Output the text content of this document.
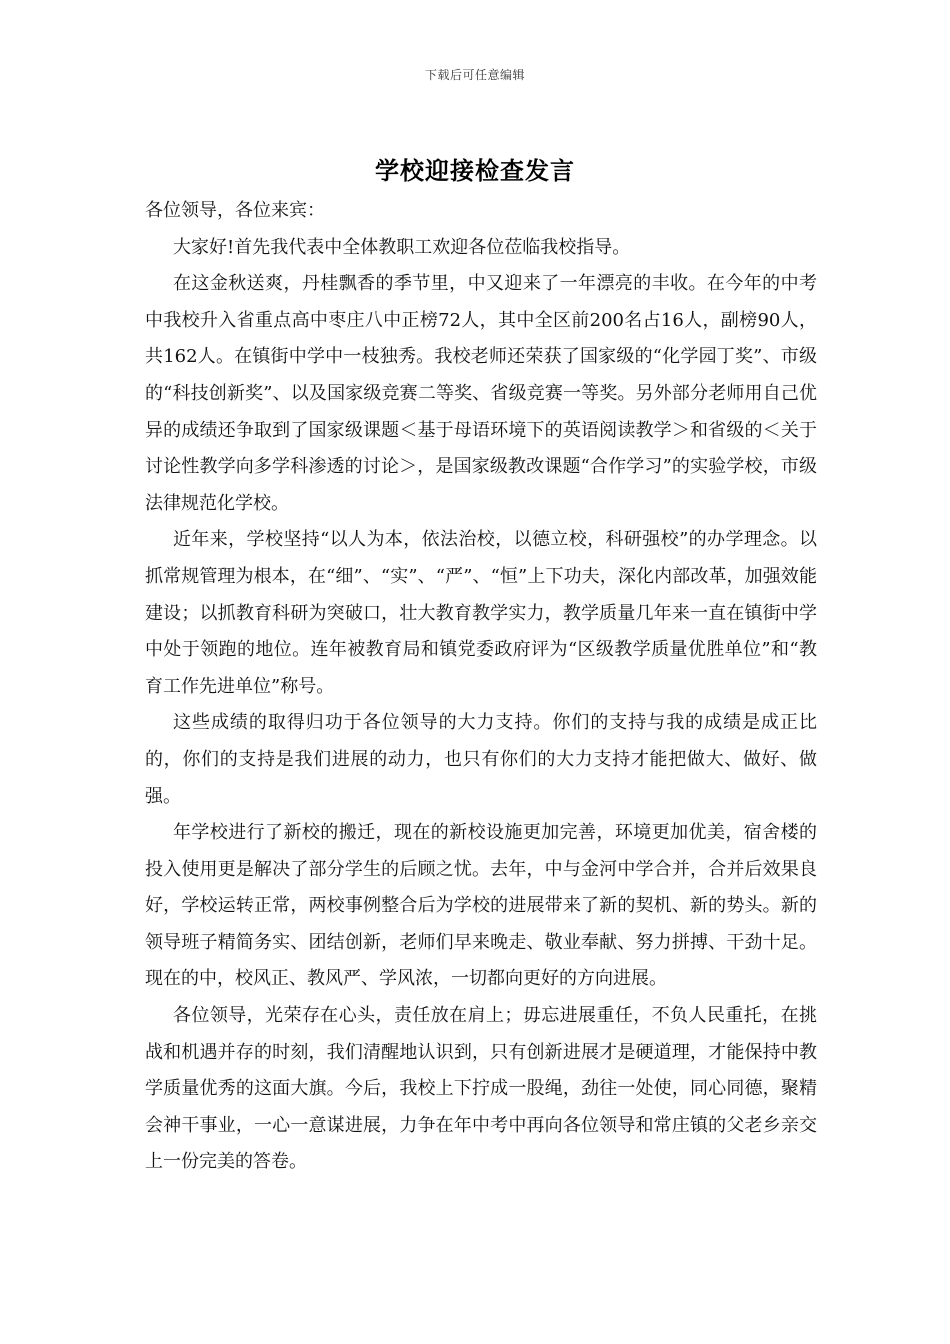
下载后可任意编辑
学校迎接检查发言

各位领导，各位来宾：

大家好!首先我代表中全体教职工欢迎各位莅临我校指导。

在这金秋送爽，丹桂飘香的季节里，中又迎来了一年漂亮的丰收。在今年的中考中我校升入省重点高中枣庄八中正榜72人，其中全区前200名占16人，副榜90人，共162人。在镇街中学中一枝独秀。我校老师还荣获了国家级的“化学园丁奖”、市级的“科技创新奖”、以及国家级竞赛二等奖、省级竞赛一等奖。另外部分老师用自己优异的成绩还争取到了国家级课题＜基于母语环境下的英语阅读教学＞和省级的＜关于讨论性教学向多学科渗透的讨论＞，是国家级教改课题“合作学习”的实验学校，市级法律规范化学校。

近年来，学校坚持“以人为本，依法治校，以德立校，科研强校”的办学理念。以抓常规管理为根本，在“细”、“实”、“严”、“恒”上下功夫，深化内部改革，加强效能建设；以抓教育科研为突破口，壮大教育教学实力，教学质量几年来一直在镇街中学中处于领跑的地位。连年被教育局和镇党委政府评为“区级教学质量优胜单位”和“教育工作先进单位”称号。

这些成绩的取得归功于各位领导的大力支持。你们的支持与我的成绩是成正比的，你们的支持是我们进展的动力，也只有你们的大力支持才能把做大、做好、做强。

年学校进行了新校的搬迁，现在的新校设施更加完善，环境更加优美，宿舍楼的投入使用更是解决了部分学生的后顾之忧。去年，中与金河中学合并，合并后效果良好，学校运转正常，两校事例整合后为学校的进展带来了新的契机、新的势头。新的领导班子精简务实、团结创新，老师们早来晚走、敬业奉献、努力拼搏、干劲十足。现在的中，校风正、教风严、学风浓，一切都向更好的方向进展。

各位领导，光荣存在心头，责任放在肩上；毋忘进展重任，不负人民重托，在挑战和机遇并存的时刻，我们清醒地认识到，只有创新进展才是硬道理，才能保持中教学质量优秀的这面大旗。今后，我校上下拧成一股绳，劲往一处使，同心同德，聚精会神干事业，一心一意谋进展，力争在年中考中再向各位领导和常庄镇的父老乡亲交上一份完美的答卷。
